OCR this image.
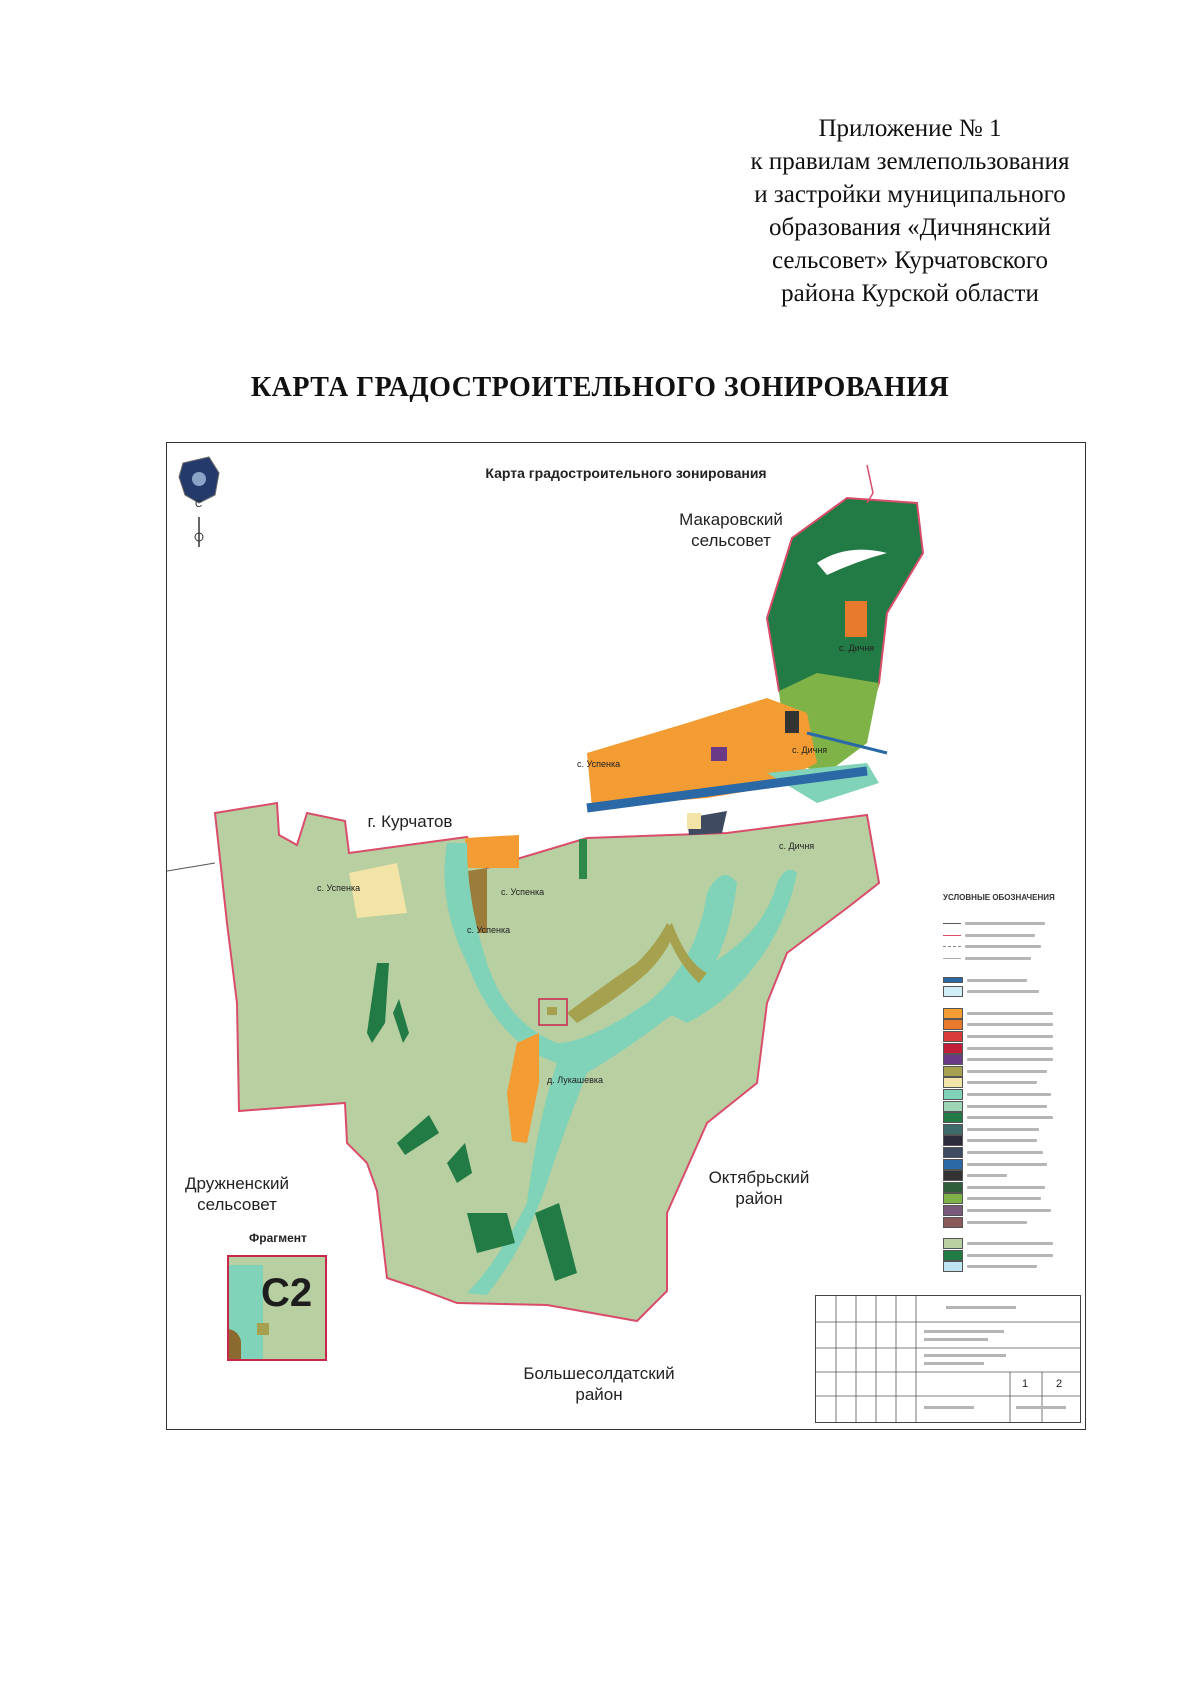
Приложение № 1
к правилам землепользования
и застройки муниципального
образования «Дичнянский
сельсовет» Курчатовского
района Курской области
КАРТА ГРАДОСТРОИТЕЛЬНОГО ЗОНИРОВАНИЯ
Карта градостроительного зонирования
С
Макаровский сельсовет
г. Курчатов
Дружненский сельсовет
Октябрьский район
Большесолдатский район
с. Успенка
с. Успенка	с. Успенка
с. Успенка
с. Дичня
с. Дичня
с. Дичня
д. Лукашевка
УСЛОВНЫЕ ОБОЗНАЧЕНИЯ
Фрагмент
С2
1	2
